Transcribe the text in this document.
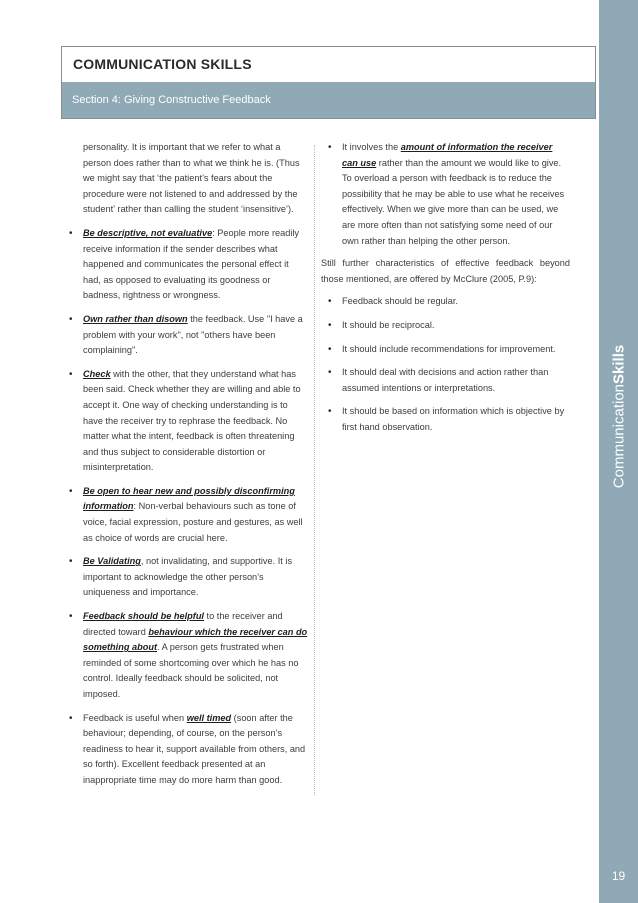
CommunicationSkills
19
COMMUNICATION SKILLS
Section 4: Giving Constructive Feedback

personality. It is important that we refer to what a person does rather than to what we think he is. (Thus we might say that ‘the patient’s fears about the procedure were not listened to and addressed by the student’ rather than calling the student ‘insensitive’).

• Be descriptive, not evaluative: People more readily receive information if the sender describes what happened and communicates the personal effect it had, as opposed to evaluating its goodness or badness, rightness or wrongness.

• Own rather than disown the feedback. Use "I have a problem with your work", not "others have been complaining".

• Check with the other, that they understand what has been said. Check whether they are willing and able to accept it. One way of checking understanding is to have the receiver try to rephrase the feedback. No matter what the intent, feedback is often threatening and thus subject to considerable distortion or misinterpretation.

• Be open to hear new and possibly disconfirming information: Non-verbal behaviours such as tone of voice, facial expression, posture and gestures, as well as choice of words are crucial here.

• Be Validating, not invalidating, and supportive. It is important to acknowledge the other person’s uniqueness and importance.

• Feedback should be helpful to the receiver and directed toward behaviour which the receiver can do something about. A person gets frustrated when reminded of some shortcoming over which he has no control. Ideally feedback should be solicited, not imposed.

• Feedback is useful when well timed (soon after the behaviour; depending, of course, on the person’s readiness to hear it, support available from others, and so forth). Excellent feedback presented at an inappropriate time may do more harm than good.

• It involves the amount of information the receiver can use rather than the amount we would like to give. To overload a person with feedback is to reduce the possibility that he may be able to use what he receives effectively. When we give more than can be used, we are more often than not satisfying some need of our own rather than helping the other person.

Still further characteristics of effective feedback beyond those mentioned, are offered by McClure (2005, P.9):

• Feedback should be regular.

• It should be reciprocal.

• It should include recommendations for improvement.

• It should deal with decisions and action rather than assumed intentions or interpretations.

• It should be based on information which is objective by first hand observation.
